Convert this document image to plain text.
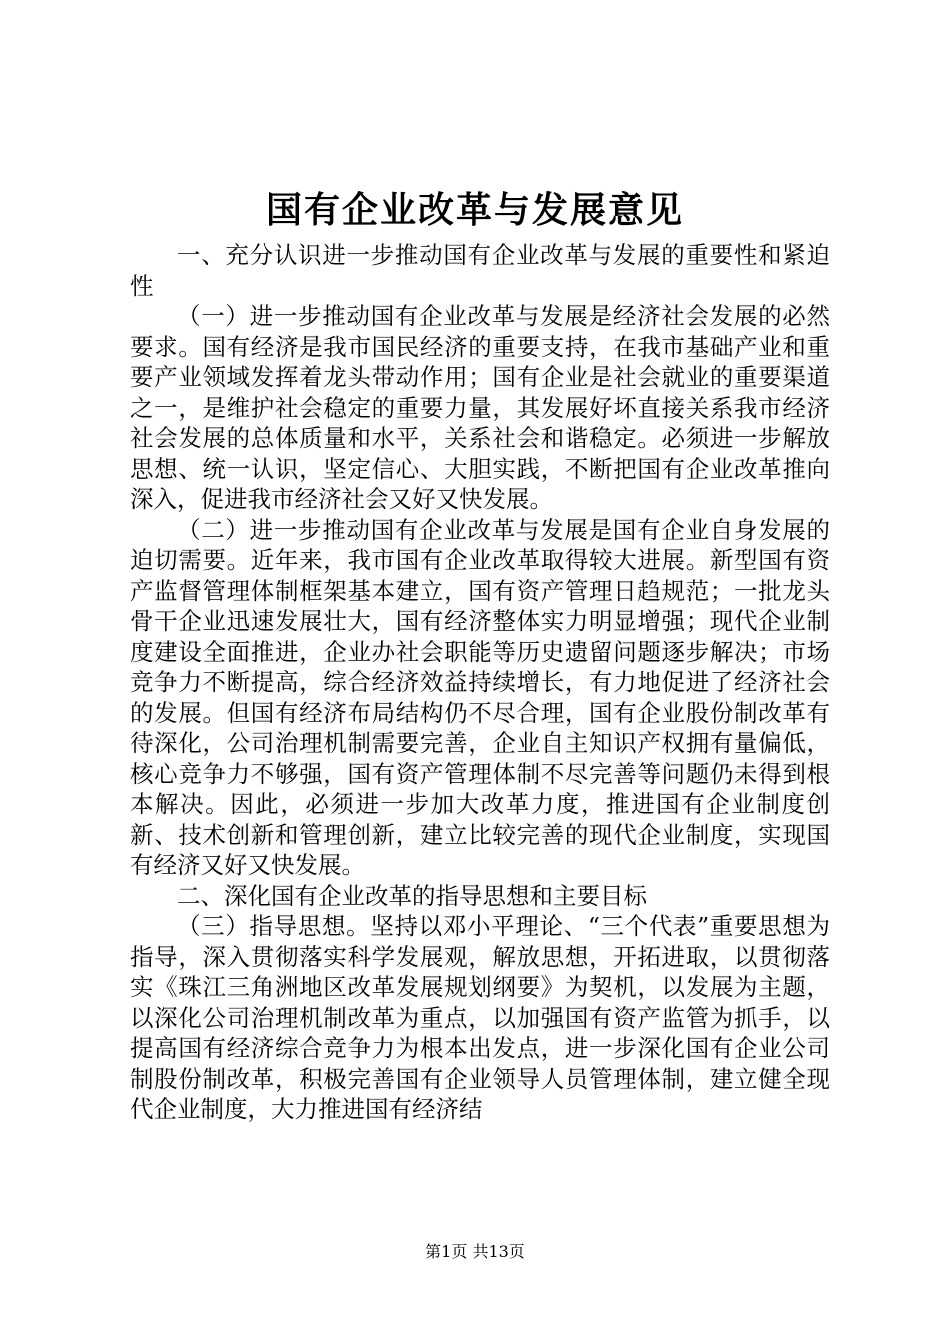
国有企业改革与发展意见

一、充分认识进一步推动国有企业改革与发展的重要性和紧迫性

（一）进一步推动国有企业改革与发展是经济社会发展的必然要求。国有经济是我市国民经济的重要支持，在我市基础产业和重要产业领域发挥着龙头带动作用；国有企业是社会就业的重要渠道之一，是维护社会稳定的重要力量，其发展好坏直接关系我市经济社会发展的总体质量和水平，关系社会和谐稳定。必须进一步解放思想、统一认识，坚定信心、大胆实践，不断把国有企业改革推向深入，促进我市经济社会又好又快发展。

（二）进一步推动国有企业改革与发展是国有企业自身发展的迫切需要。近年来，我市国有企业改革取得较大进展。新型国有资产监督管理体制框架基本建立，国有资产管理日趋规范；一批龙头骨干企业迅速发展壮大，国有经济整体实力明显增强；现代企业制度建设全面推进，企业办社会职能等历史遗留问题逐步解决；市场竞争力不断提高，综合经济效益持续增长，有力地促进了经济社会的发展。但国有经济布局结构仍不尽合理，国有企业股份制改革有待深化，公司治理机制需要完善，企业自主知识产权拥有量偏低，核心竞争力不够强，国有资产管理体制不尽完善等问题仍未得到根本解决。因此，必须进一步加大改革力度，推进国有企业制度创新、技术创新和管理创新，建立比较完善的现代企业制度，实现国有经济又好又快发展。

二、深化国有企业改革的指导思想和主要目标

（三）指导思想。坚持以邓小平理论、“三个代表”重要思想为指导，深入贯彻落实科学发展观，解放思想，开拓进取，以贯彻落实《珠江三角洲地区改革发展规划纲要》为契机，以发展为主题，以深化公司治理机制改革为重点，以加强国有资产监管为抓手，以提高国有经济综合竞争力为根本出发点，进一步深化国有企业公司制股份制改革，积极完善国有企业领导人员管理体制，建立健全现代企业制度，大力推进国有经济结

第1页 共13页
